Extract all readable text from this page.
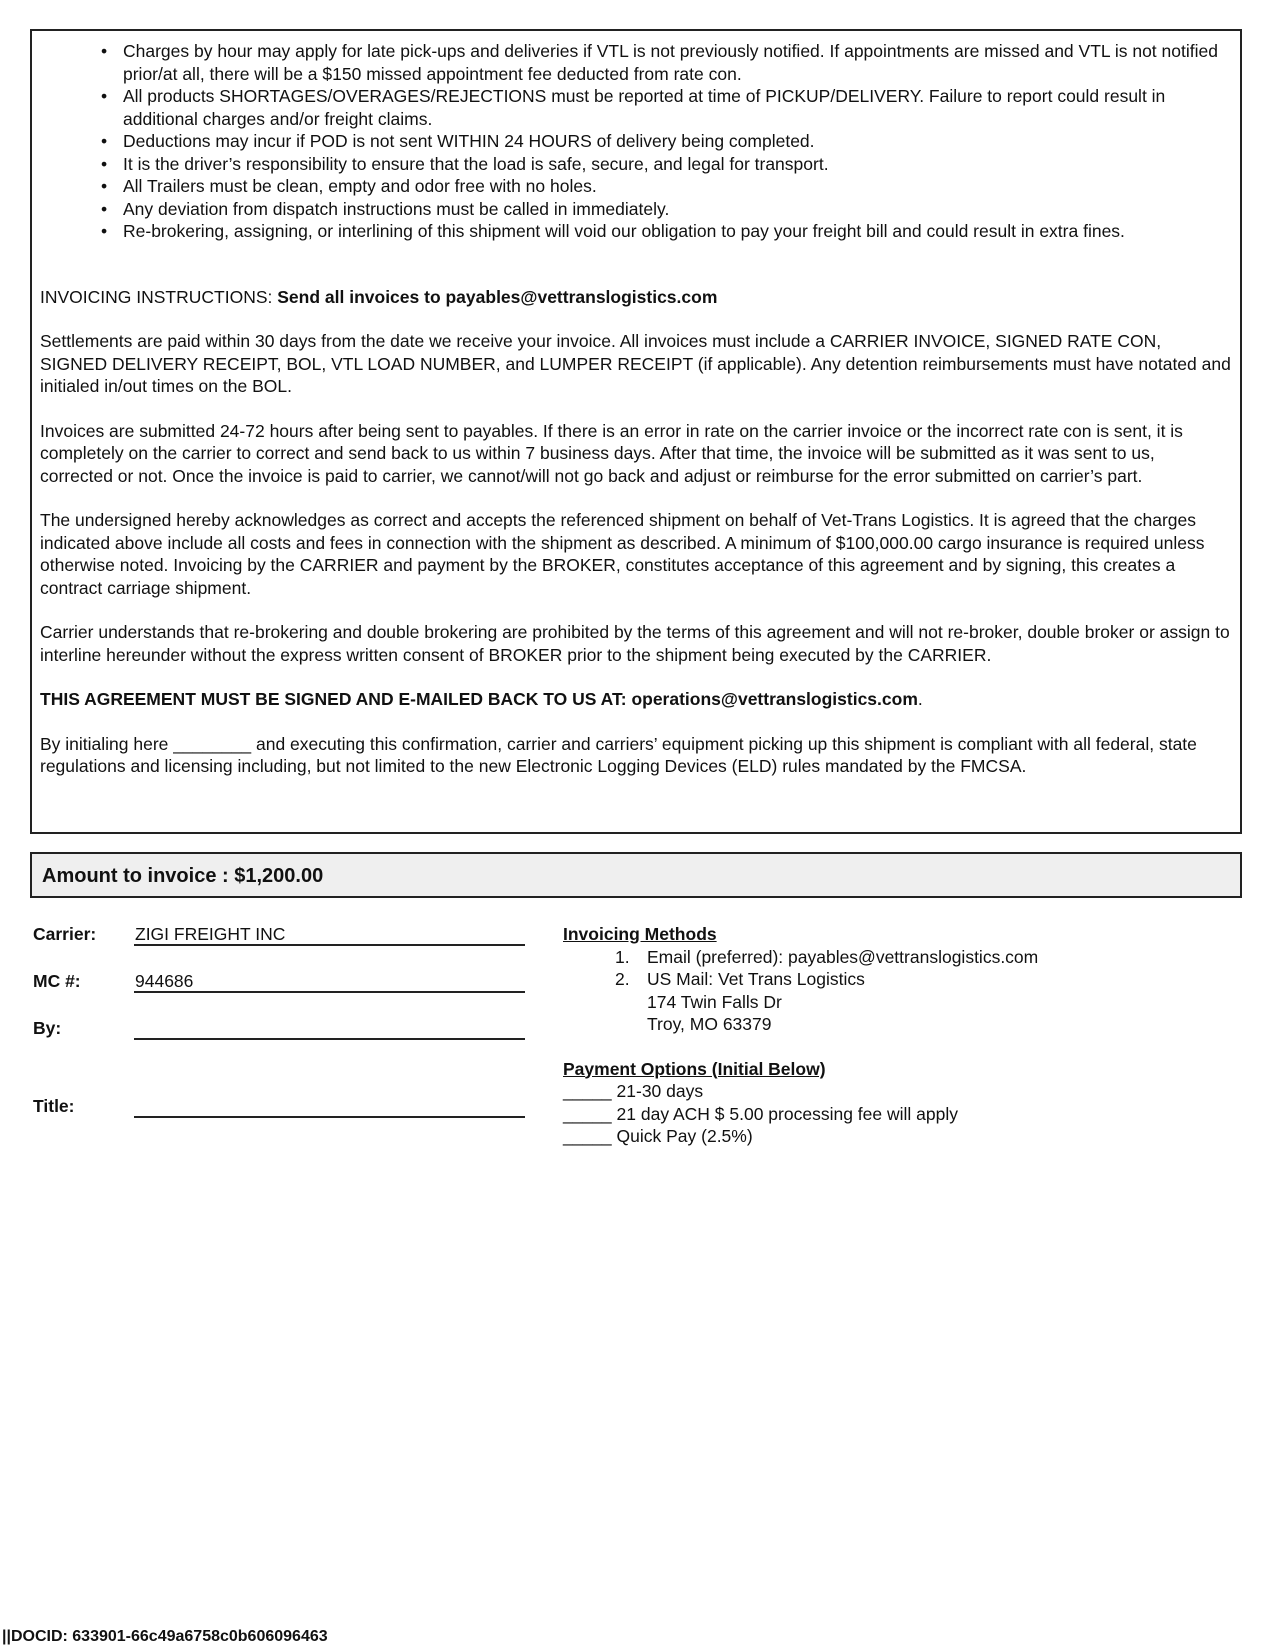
• Charges by hour may apply for late pick-ups and deliveries if VTL is not previously notified. If appointments are missed and VTL is not notified prior/at all, there will be a $150 missed appointment fee deducted from rate con.
• All products SHORTAGES/OVERAGES/REJECTIONS must be reported at time of PICKUP/DELIVERY. Failure to report could result in additional charges and/or freight claims.
• Deductions may incur if POD is not sent WITHIN 24 HOURS of delivery being completed.
• It is the driver’s responsibility to ensure that the load is safe, secure, and legal for transport.
• All Trailers must be clean, empty and odor free with no holes.
• Any deviation from dispatch instructions must be called in immediately.
• Re-brokering, assigning, or interlining of this shipment will void our obligation to pay your freight bill and could result in extra fines.

INVOICING INSTRUCTIONS: Send all invoices to payables@vettranslogistics.com

Settlements are paid within 30 days from the date we receive your invoice. All invoices must include a CARRIER INVOICE, SIGNED RATE CON, SIGNED DELIVERY RECEIPT, BOL, VTL LOAD NUMBER, and LUMPER RECEIPT (if applicable). Any detention reimbursements must have notated and initialed in/out times on the BOL.

Invoices are submitted 24-72 hours after being sent to payables. If there is an error in rate on the carrier invoice or the incorrect rate con is sent, it is completely on the carrier to correct and send back to us within 7 business days. After that time, the invoice will be submitted as it was sent to us, corrected or not. Once the invoice is paid to carrier, we cannot/will not go back and adjust or reimburse for the error submitted on carrier’s part.

The undersigned hereby acknowledges as correct and accepts the referenced shipment on behalf of Vet-Trans Logistics. It is agreed that the charges indicated above include all costs and fees in connection with the shipment as described. A minimum of $100,000.00 cargo insurance is required unless otherwise noted. Invoicing by the CARRIER and payment by the BROKER, constitutes acceptance of this agreement and by signing, this creates a contract carriage shipment.

Carrier understands that re-brokering and double brokering are prohibited by the terms of this agreement and will not re-broker, double broker or assign to interline hereunder without the express written consent of BROKER prior to the shipment being executed by the CARRIER.

THIS AGREEMENT MUST BE SIGNED AND E-MAILED BACK TO US AT: operations@vettranslogistics.com.

By initialing here ________ and executing this confirmation, carrier and carriers’ equipment picking up this shipment is compliant with all federal, state regulations and licensing including, but not limited to the new Electronic Logging Devices (ELD) rules mandated by the FMCSA.

Amount to invoice : $1,200.00
Carrier: ZIGI FREIGHT INC
MC #:	944686
By:
Title:

Invoicing Methods

1. Email (preferred): payables@vettranslogistics.com
2. US Mail: Vet Trans Logistics
174 Twin Falls Dr
Troy, MO 63379

Payment Options (Initial Below)

_____ 21-30 days
_____ 21 day ACH $ 5.00 processing fee will apply
_____ Quick Pay (2.5%)
||DOCID: 633901-66c49a6758c0b606096463
